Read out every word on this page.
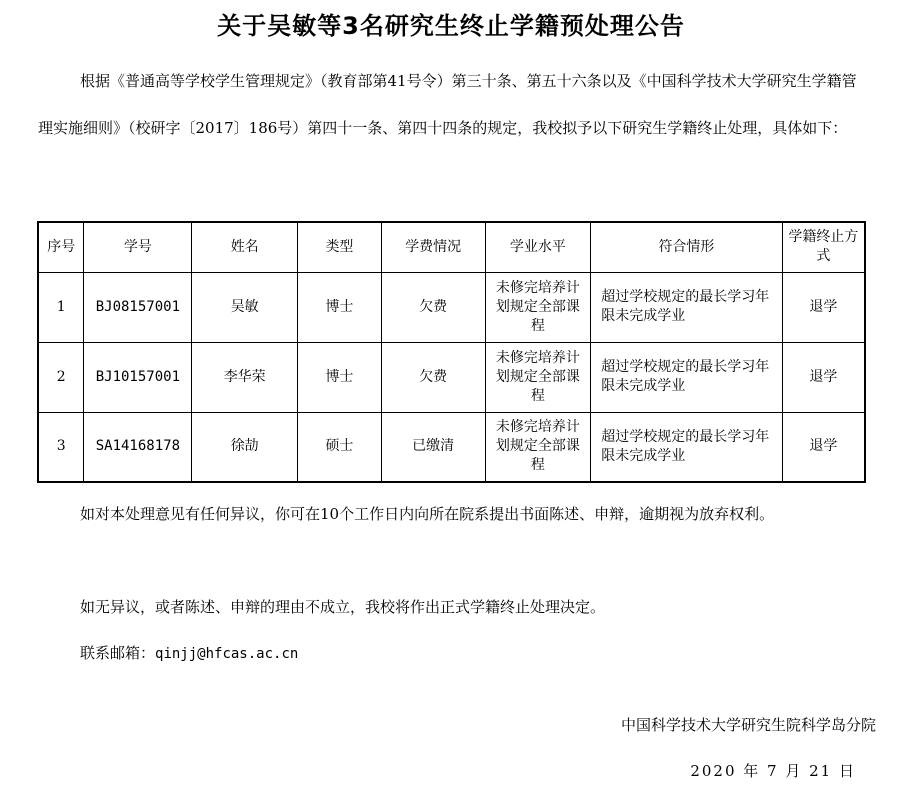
关于吴敏等3名研究生终止学籍预处理公告

根据《普通高等学校学生管理规定》（教育部第41号令）第三十条、第五十六条以及《中国科学技术大学研究生学籍管理实施细则》（校研字〔2017〕186号）第四十一条、第四十四条的规定，我校拟予以下研究生学籍终止处理，具体如下：

序号	学号	姓名	类型	学费情况	学业水平	符合情形	学籍终止方式
1	BJ08157001	吴敏	博士	欠费	未修完培养计划规定全部课程	超过学校规定的最长学习年限未完成学业	退学
2	BJ10157001	李华荣	博士	欠费	未修完培养计划规定全部课程	超过学校规定的最长学习年限未完成学业	退学
3	SA14168178	徐劼	硕士	已缴清	未修完培养计划规定全部课程	超过学校规定的最长学习年限未完成学业	退学

如对本处理意见有任何异议，你可在10个工作日内向所在院系提出书面陈述、申辩，逾期视为放弃权利。

如无异议，或者陈述、申辩的理由不成立，我校将作出正式学籍终止处理决定。

联系邮箱：qinjj@hfcas.ac.cn

中国科学技术大学研究生院科学岛分院
2020 年 7 月 21 日
